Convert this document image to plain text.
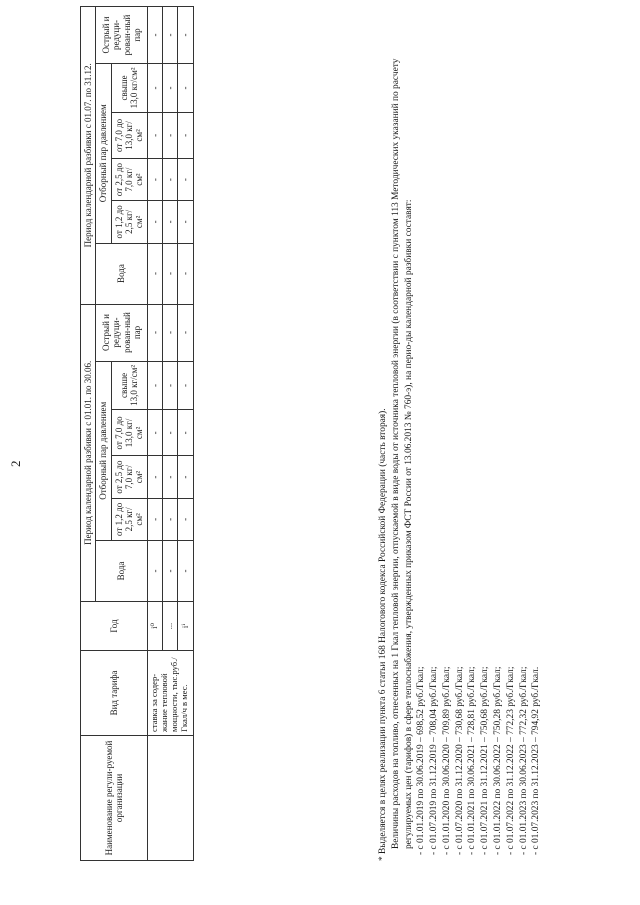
2
Наименование регули-руемой организации	Вид тарифа	Год	Период календарной разбивки с 01.01. по 30.06.						Период календарной разбивки с 01.07. по 31.12.					
			Вода	Отборный пар давлением				Острый и редуци-рован-ный пар	Вода	Отборный пар давлением				Острый и редуци-рован-ный пар
				от 1,2 до 2,5 кг/см²	от 2,5 до 7,0 кг/см²	от 7,0 до 13,0 кг/см²	свыше 13,0 кг/см²			от 1,2 до 2,5 кг/см²	от 2,5 до 7,0 кг/см²	от 7,0 до 13,0 кг/см²	свыше 13,0 кг/см²	
	ставка за содер-жание тепловой мощности, тыс.руб./Гкал/ч в мес.	i⁰	-	-	-	-	-	-	-	-	-	-	-	-
		...	-	-	-	-	-	-	-	-	-	-	-	-
		iⁱ	-	-	-	-	-	-	-	-	-	-	-	-

* Выделяется в целях реализации пункта 6 статьи 168 Налогового кодекса Российской Федерации (часть вторая). Величины расходов на топливо, отнесенных на 1 Гкал тепловой энергии, отпускаемой в виде воды от источника тепловой энергии (в соответствии с пунктом 113 Методических указаний по расчету регулируемых цен (тарифов) в сфере теплоснабжения, утвержденных приказом ФСТ России от 13.06.2013 № 760-э), на перио-ды календарной разбивки составят: - с 01.01.2019 по 30.06.2019 – 698,52 руб./Гкал; - с 01.07.2019 по 31.12.2019 – 708,04 руб./Гкал; - с 01.01.2020 по 30.06.2020 – 709,89 руб./Гкал; - с 01.07.2020 по 31.12.2020 – 730,68 руб./Гкал; - с 01.01.2021 по 30.06.2021 – 728,81 руб./Гкал; - с 01.07.2021 по 31.12.2021 – 750,68 руб./Гкал; - с 01.01.2022 по 30.06.2022 – 750,28 руб./Гкал; - с 01.07.2022 по 31.12.2022 – 772,23 руб./Гкал; - с 01.01.2023 по 30.06.2023 – 772,32 руб./Гкал; - с 01.07.2023 по 31.12.2023 – 794,92 руб./Гкал.
